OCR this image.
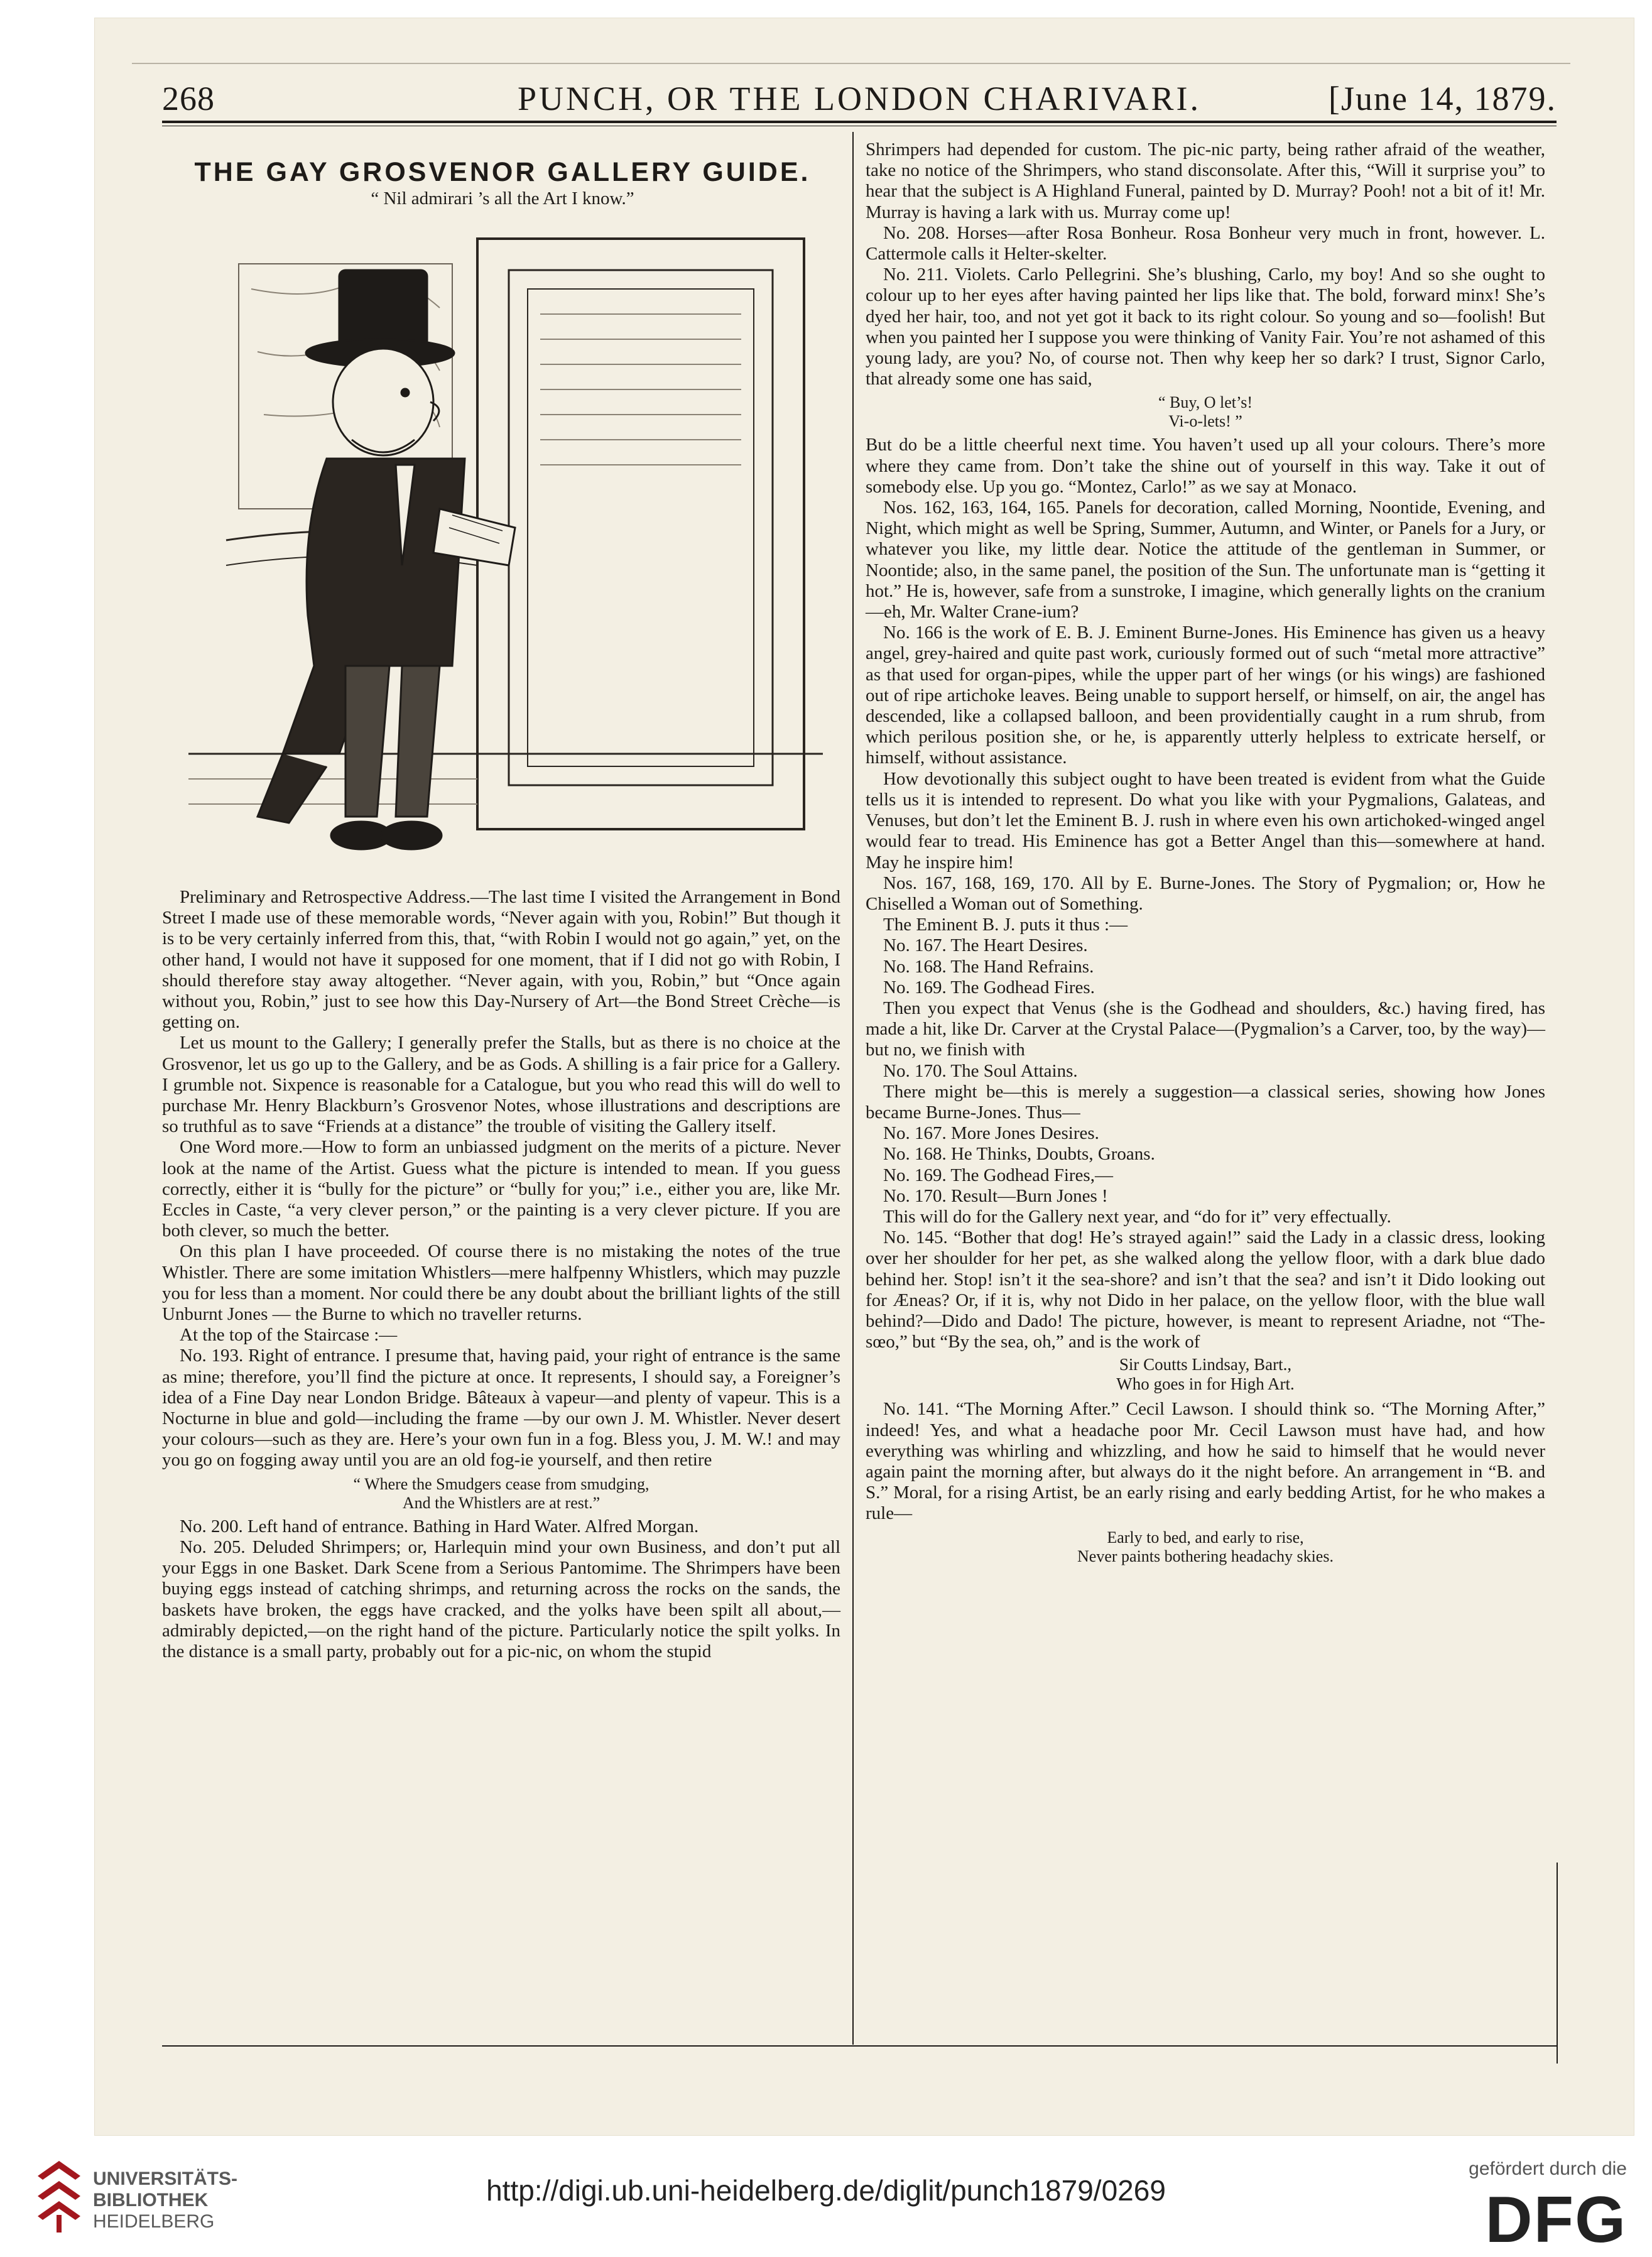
268	PUNCH, OR THE LONDON CHARIVARI.	[June 14, 1879.
THE GAY GROSVENOR GALLERY GUIDE.
“ Nil admirari ’s all the Art I know.”

Preliminary and Retrospective Address.—The last time I visited the Arrangement in Bond Street I made use of these memorable words, “Never again with you, Robin!” But though it is to be very certainly inferred from this, that, “with Robin I would not go again,” yet, on the other hand, I would not have it supposed for one moment, that if I did not go with Robin, I should therefore stay away altogether. “Never again, with you, Robin,” but “Once again without you, Robin,” just to see how this Day-Nursery of Art—the Bond Street Crèche—is getting on.

Let us mount to the Gallery; I generally prefer the Stalls, but as there is no choice at the Grosvenor, let us go up to the Gallery, and be as Gods. A shilling is a fair price for a Gallery. I grumble not. Sixpence is reasonable for a Catalogue, but you who read this will do well to purchase Mr. Henry Blackburn’s Grosvenor Notes, whose illustrations and descriptions are so truthful as to save “Friends at a distance” the trouble of visiting the Gallery itself.

One Word more.—How to form an unbiassed judgment on the merits of a picture. Never look at the name of the Artist. Guess what the picture is intended to mean. If you guess correctly, either it is “bully for the picture” or “bully for you;” i.e., either you are, like Mr. Eccles in Caste, “a very clever person,” or the painting is a very clever picture. If you are both clever, so much the better.

On this plan I have proceeded. Of course there is no mistaking the notes of the true Whistler. There are some imitation Whistlers—mere halfpenny Whistlers, which may puzzle you for less than a moment. Nor could there be any doubt about the brilliant lights of the still Unburnt Jones — the Burne to which no traveller returns.

At the top of the Staircase :—

No. 193. Right of entrance. I presume that, having paid, your right of entrance is the same as mine; therefore, you’ll find the picture at once. It represents, I should say, a Foreigner’s idea of a Fine Day near London Bridge. Bâteaux à vapeur—and plenty of vapeur. This is a Nocturne in blue and gold—including the frame —by our own J. M. Whistler. Never desert your colours—such as they are. Here’s your own fun in a fog. Bless you, J. M. W.! and may you go on fogging away until you are an old fog-ie yourself, and then retire

“ Where the Smudgers cease from smudging,

And the Whistlers are at rest.”

No. 200. Left hand of entrance. Bathing in Hard Water. Alfred Morgan.

No. 205. Deluded Shrimpers; or, Harlequin mind your own Business, and don’t put all your Eggs in one Basket. Dark Scene from a Serious Pantomime. The Shrimpers have been buying eggs instead of catching shrimps, and returning across the rocks on the sands, the baskets have broken, the eggs have cracked, and the yolks have been spilt all about,—admirably depicted,—on the right hand of the picture. Particularly notice the spilt yolks. In the distance is a small party, probably out for a pic-nic, on whom the stupid

Shrimpers had depended for custom. The pic-nic party, being rather afraid of the weather, take no notice of the Shrimpers, who stand disconsolate. After this, “Will it surprise you” to hear that the subject is A Highland Funeral, painted by D. Murray? Pooh! not a bit of it! Mr. Murray is having a lark with us. Murray come up!

No. 208. Horses—after Rosa Bonheur. Rosa Bonheur very much in front, however. L. Cattermole calls it Helter-skelter.

No. 211. Violets. Carlo Pellegrini. She’s blushing, Carlo, my boy! And so she ought to colour up to her eyes after having painted her lips like that. The bold, forward minx! She’s dyed her hair, too, and not yet got it back to its right colour. So young and so—foolish! But when you painted her I suppose you were thinking of Vanity Fair. You’re not ashamed of this young lady, are you? No, of course not. Then why keep her so dark? I trust, Signor Carlo, that already some one has said,

“ Buy, O let’s!

Vi-o-lets! ”

But do be a little cheerful next time. You haven’t used up all your colours. There’s more where they came from. Don’t take the shine out of yourself in this way. Take it out of somebody else. Up you go. “Montez, Carlo!” as we say at Monaco.

Nos. 162, 163, 164, 165. Panels for decoration, called Morning, Noontide, Evening, and Night, which might as well be Spring, Summer, Autumn, and Winter, or Panels for a Jury, or whatever you like, my little dear. Notice the attitude of the gentleman in Summer, or Noontide; also, in the same panel, the position of the Sun. The unfortunate man is “getting it hot.” He is, however, safe from a sunstroke, I imagine, which generally lights on the cranium—eh, Mr. Walter Crane-ium?

No. 166 is the work of E. B. J. Eminent Burne-Jones. His Eminence has given us a heavy angel, grey-haired and quite past work, curiously formed out of such “metal more attractive” as that used for organ-pipes, while the upper part of her wings (or his wings) are fashioned out of ripe artichoke leaves. Being unable to support herself, or himself, on air, the angel has descended, like a collapsed balloon, and been providentially caught in a rum shrub, from which perilous position she, or he, is apparently utterly helpless to extricate herself, or himself, without assistance.

How devotionally this subject ought to have been treated is evident from what the Guide tells us it is intended to represent. Do what you like with your Pygmalions, Galateas, and Venuses, but don’t let the Eminent B. J. rush in where even his own artichoked-winged angel would fear to tread. His Eminence has got a Better Angel than this—somewhere at hand. May he inspire him!

Nos. 167, 168, 169, 170. All by E. Burne-Jones. The Story of Pygmalion; or, How he Chiselled a Woman out of Something.

The Eminent B. J. puts it thus :—

No. 167. The Heart Desires.

No. 168. The Hand Refrains.

No. 169. The Godhead Fires.

Then you expect that Venus (she is the Godhead and shoulders, &c.) having fired, has made a hit, like Dr. Carver at the Crystal Palace—(Pygmalion’s a Carver, too, by the way)—but no, we finish with

No. 170. The Soul Attains.

There might be—this is merely a suggestion—a classical series, showing how Jones became Burne-Jones. Thus—

No. 167. More Jones Desires.

No. 168. He Thinks, Doubts, Groans.

No. 169. The Godhead Fires,—

No. 170. Result—Burn Jones !

This will do for the Gallery next year, and “do for it” very effectually.

No. 145. “Bother that dog! He’s strayed again!” said the Lady in a classic dress, looking over her shoulder for her pet, as she walked along the yellow floor, with a dark blue dado behind her. Stop! isn’t it the sea-shore? and isn’t that the sea? and isn’t it Dido looking out for Æneas? Or, if it is, why not Dido in her palace, on the yellow floor, with the blue wall behind?—Dido and Dado! The picture, however, is meant to represent Ariadne, not “The-sœo,” but “By the sea, oh,” and is the work of

Sir Coutts Lindsay, Bart.,

Who goes in for High Art.

No. 141. “The Morning After.” Cecil Lawson. I should think so. “The Morning After,” indeed! Yes, and what a headache poor Mr. Cecil Lawson must have had, and how everything was whirling and whizzling, and how he said to himself that he would never again paint the morning after, but always do it the night before. An arrangement in “B. and S.” Moral, for a rising Artist, be an early rising and early bedding Artist, for he who makes a rule—

Early to bed, and early to rise,

Never paints bothering headachy skies.

UNIVERSITÄTS-
BIBLIOTHEK
HEIDELBERG
http://digi.ub.uni-heidelberg.de/diglit/punch1879/0269
gefördert durch die
DFG
